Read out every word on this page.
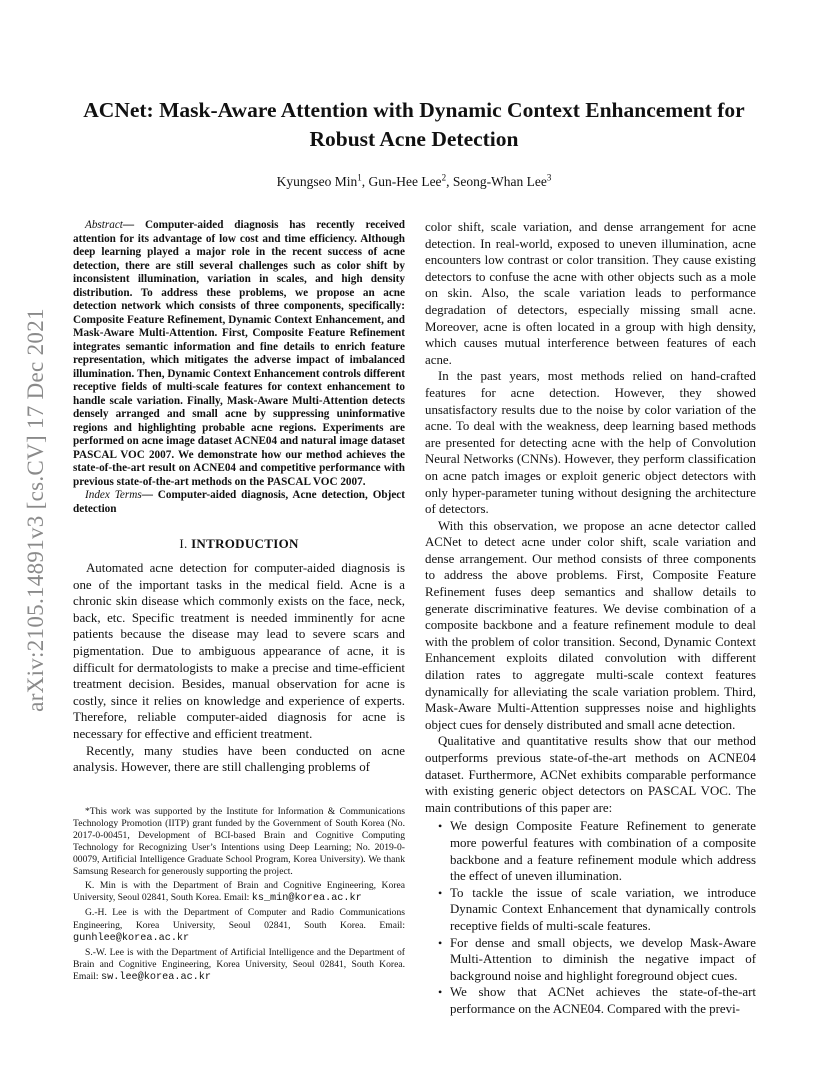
arXiv:2105.14891v3 [cs.CV] 17 Dec 2021
ACNet: Mask-Aware Attention with Dynamic Context Enhancement for Robust Acne Detection
Kyungseo Min$^1$, Gun-Hee Lee$^2$, Seong-Whan Lee$^3$

Abstract— Computer-aided diagnosis has recently received attention for its advantage of low cost and time efficiency. Although deep learning played a major role in the recent success of acne detection, there are still several challenges such as color shift by inconsistent illumination, variation in scales, and high density distribution. To address these problems, we propose an acne detection network which consists of three components, specifically: Composite Feature Refinement, Dynamic Context Enhancement, and Mask-Aware Multi-Attention. First, Composite Feature Refinement integrates semantic information and fine details to enrich feature representation, which mitigates the adverse impact of imbalanced illumination. Then, Dynamic Context Enhancement controls different receptive fields of multi-scale features for context enhancement to handle scale variation. Finally, Mask-Aware Multi-Attention detects densely arranged and small acne by suppressing uninformative regions and highlighting probable acne regions. Experiments are performed on acne image dataset ACNE04 and natural image dataset PASCAL VOC 2007. We demonstrate how our method achieves the state-of-the-art result on ACNE04 and competitive performance with previous state-of-the-art methods on the PASCAL VOC 2007.

Index Terms— Computer-aided diagnosis, Acne detection, Object detection

I. INTRODUCTION

Automated acne detection for computer-aided diagnosis is one of the important tasks in the medical field. Acne is a chronic skin disease which commonly exists on the face, neck, back, etc. Specific treatment is needed imminently for acne patients because the disease may lead to severe scars and pigmentation. Due to ambiguous appearance of acne, it is difficult for dermatologists to make a precise and time-efficient treatment decision. Besides, manual observation for acne is costly, since it relies on knowledge and experience of experts. Therefore, reliable computer-aided diagnosis for acne is necessary for effective and efficient treatment.

Recently, many studies have been conducted on acne analysis. However, there are still challenging problems of

*This work was supported by the Institute for Information & Communications Technology Promotion (IITP) grant funded by the Government of South Korea (No. 2017-0-00451, Development of BCI-based Brain and Cognitive Computing Technology for Recognizing User’s Intentions using Deep Learning; No. 2019-0-00079, Artificial Intelligence Graduate School Program, Korea University). We thank Samsung Research for generously supporting the project.

K. Min is with the Department of Brain and Cognitive Engineering, Korea University, Seoul 02841, South Korea. Email: ks_min@korea.ac.kr

G.-H. Lee is with the Department of Computer and Radio Communications Engineering, Korea University, Seoul 02841, South Korea. Email: gunhlee@korea.ac.kr

S.-W. Lee is with the Department of Artificial Intelligence and the Department of Brain and Cognitive Engineering, Korea University, Seoul 02841, South Korea. Email: sw.lee@korea.ac.kr

color shift, scale variation, and dense arrangement for acne detection. In real-world, exposed to uneven illumination, acne encounters low contrast or color transition. They cause existing detectors to confuse the acne with other objects such as a mole on skin. Also, the scale variation leads to performance degradation of detectors, especially missing small acne. Moreover, acne is often located in a group with high density, which causes mutual interference between features of each acne.

In the past years, most methods relied on hand-crafted features for acne detection. However, they showed unsatisfactory results due to the noise by color variation of the acne. To deal with the weakness, deep learning based methods are presented for detecting acne with the help of Convolution Neural Networks (CNNs). However, they perform classification on acne patch images or exploit generic object detectors with only hyper-parameter tuning without designing the architecture of detectors.

With this observation, we propose an acne detector called ACNet to detect acne under color shift, scale variation and dense arrangement. Our method consists of three components to address the above problems. First, Composite Feature Refinement fuses deep semantics and shallow details to generate discriminative features. We devise combination of a composite backbone and a feature refinement module to deal with the problem of color transition. Second, Dynamic Context Enhancement exploits dilated convolution with different dilation rates to aggregate multi-scale context features dynamically for alleviating the scale variation problem. Third, Mask-Aware Multi-Attention suppresses noise and highlights object cues for densely distributed and small acne detection.

Qualitative and quantitative results show that our method outperforms previous state-of-the-art methods on ACNE04 dataset. Furthermore, ACNet exhibits comparable performance with existing generic object detectors on PASCAL VOC. The main contributions of this paper are:

• We design Composite Feature Refinement to generate more powerful features with combination of a composite backbone and a feature refinement module which address the effect of uneven illumination.
• To tackle the issue of scale variation, we introduce Dynamic Context Enhancement that dynamically controls receptive fields of multi-scale features.
• For dense and small objects, we develop Mask-Aware Multi-Attention to diminish the negative impact of background noise and highlight foreground object cues.
• We show that ACNet achieves the state-of-the-art performance on the ACNE04. Compared with the previ-
